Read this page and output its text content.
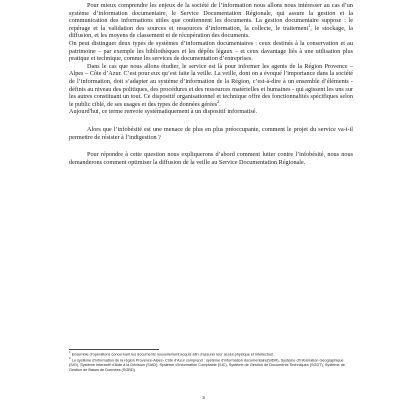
Pour mieux comprendre les enjeux de la société de l’information nous allons nous intéresser au cas d’un système d’information documentaire, le Service Documentation Régionale, qui assure la gestion et la communication des informations utiles que contiennent les documents. La gestion documentaire suppose : le repérage et la validation des sources et ressources d’information, la collecte, le traitement$^1$, le stockage, la diffusion, et les moyens de classement et de récupération des documents.

On peut distinguer deux types de systèmes d’information documentaires : ceux destinés à la conservation et au patrimoine – par exemple les bibliothèques et les dépôts légaux – et ceux davantage liés à une utilisation plus pratique et technique, comme les services de documentation d’entreprises.

Dans le cas que nous allons étudier, le service est là pour informer les agents de la Région Provence – Alpes – Côte d’Azur. C’est pour eux qu’est faite la veille. La veille, dont on a évoqué l’importance dans la société de l’information, doit s’adapter au système d’information de la Région, c’est-à-dire à un ensemble d’éléments - définis au niveau des politiques, des procédures et des ressources matérielles et humaines - qui agissent les uns sur les autres constituant un tout. Ce dispositif organisationnel et technique offre des fonctionnalités spécifiques selon le public ciblé, de ses usages et des types de données gérées$^2$.

Aujourd'hui, ce terme renvoie systématiquement à un dispositif informatisé.

Alors que l’infobésité est une menace de plus en plus préoccupante, comment le projet du service va-t-il permettre de résister à l’indigestion ?

Pour répondre à cette question nous expliquerons d’abord comment lutter contre l’infobésité, nous nous demanderons comment optimiser la diffusion de la veille au Service Documentation Régionale.

$^1$ Ensemble d’opérations concernant les documents nouvellement acquis afin d’assurer leur accès physique et intellectuel.

$^2$ Le système d’information de la région Provence-Alpes- Côte d’Azur comprend : système d’information documentaire(SIDR), Système d’Information Géographique (SIG), Système Interactif d’Aide à la Décision (SIAD), Système d’Information Comptable (SIC), Système de Gestion de Documents Techniques (SGDT), Système de Gestion de Bases de Données (SGBD).

3
